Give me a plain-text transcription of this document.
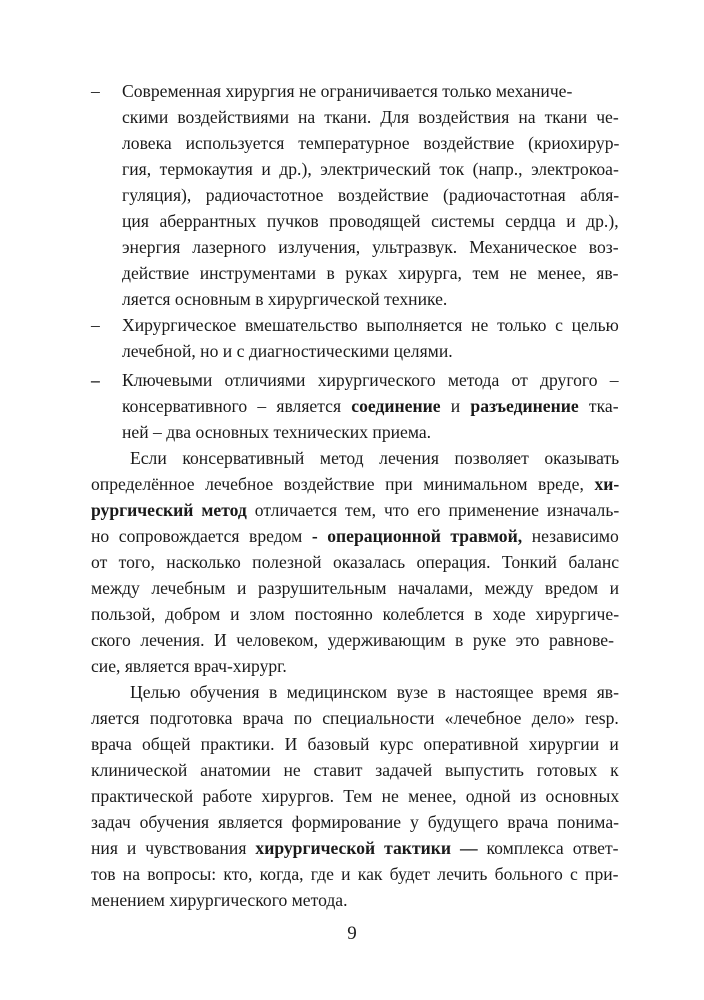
– Современная хирургия не ограничивается только механиче-
скими воздействиями на ткани. Для воздействия на ткани че-
ловека используется температурное воздействие (криохирур-
гия, термокаутия и др.), электрический ток (напр., электрокоа-
гуляция), радиочастотное воздействие (радиочастотная абля-
ция аберрантных пучков проводящей системы сердца и др.),
энергия лазерного излучения, ультразвук. Механическое воз-
действие инструментами в руках хирурга, тем не менее, яв-
ляется основным в хирургической технике.
– Хирургическое вмешательство выполняется не только с целью
лечебной, но и с диагностическими целями.
– Ключевыми отличиями хирургического метода от другого –
консервативного – является соединение и разъединение тка-
ней – два основных технических приема.
Если консервативный метод лечения позволяет оказывать
определённое лечебное воздействие при минимальном вреде, хи-
рургический метод отличается тем, что его применение изначаль-
но сопровождается вредом - операционной травмой, независимо
от того, насколько полезной оказалась операция. Тонкий баланс
между лечебным и разрушительным началами, между вредом и
пользой, добром и злом постоянно колеблется в ходе хирургиче-
ского лечения. И человеком, удерживающим в руке это равнове-
сие, является врач-хирург.
Целью обучения в медицинском вузе в настоящее время яв-
ляется подготовка врача по специальности «лечебное дело» resp.
врача общей практики. И базовый курс оперативной хирургии и
клинической анатомии не ставит задачей выпустить готовых к
практической работе хирургов. Тем не менее, одной из основных
задач обучения является формирование у будущего врача понима-
ния и чувствования хирургической тактики — комплекса ответ-
тов на вопросы: кто, когда, где и как будет лечить больного с при-
менением хирургического метода.
9
